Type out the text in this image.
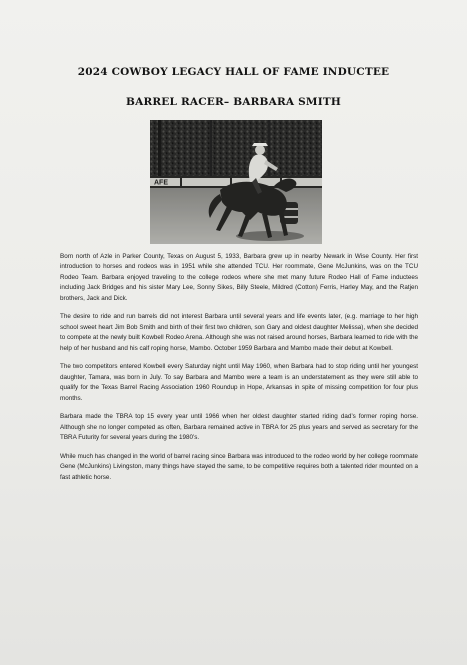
2024 COWBOY LEGACY HALL OF FAME INDUCTEE
BARREL RACER– BARBARA SMITH
AFE

Born north of Azle in Parker County, Texas on August 5, 1933, Barbara grew up in nearby Newark in Wise County. Her first introduction to horses and rodeos was in 1951 while she attended TCU. Her roommate, Gene McJunkins, was on the TCU Rodeo Team. Barbara enjoyed traveling to the college rodeos where she met many future Rodeo Hall of Fame inductees including Jack Bridges and his sister Mary Lee, Sonny Sikes, Billy Steele, Mildred (Cotton) Ferris, Harley May, and the Ratjen brothers, Jack and Dick.

The desire to ride and run barrels did not interest Barbara until several years and life events later, (e.g. marriage to her high school sweet heart Jim Bob Smith and birth of their first two children, son Gary and oldest daughter Melissa), when she decided to compete at the newly built Kowbell Rodeo Arena. Although she was not raised around horses, Barbara learned to ride with the help of her husband and his calf roping horse, Mambo. October 1959 Barbara and Mambo made their debut at Kowbell.

The two competitors entered Kowbell every Saturday night until May 1960, when Barbara had to stop riding until her youngest daughter, Tamara, was born in July. To say Barbara and Mambo were a team is an understatement as they were still able to qualify for the Texas Barrel Racing Association 1960 Roundup in Hope, Arkansas in spite of missing competition for four plus months.

Barbara made the TBRA top 15 every year until 1966 when her oldest daughter started riding dad’s former roping horse. Although she no longer competed as often, Barbara remained active in TBRA for 25 plus years and served as secretary for the TBRA Futurity for several years during the 1980’s.

While much has changed in the world of barrel racing since Barbara was introduced to the rodeo world by her college roommate Gene (McJunkins) Livingston, many things have stayed the same, to be competitive requires both a talented rider mounted on a fast athletic horse.
